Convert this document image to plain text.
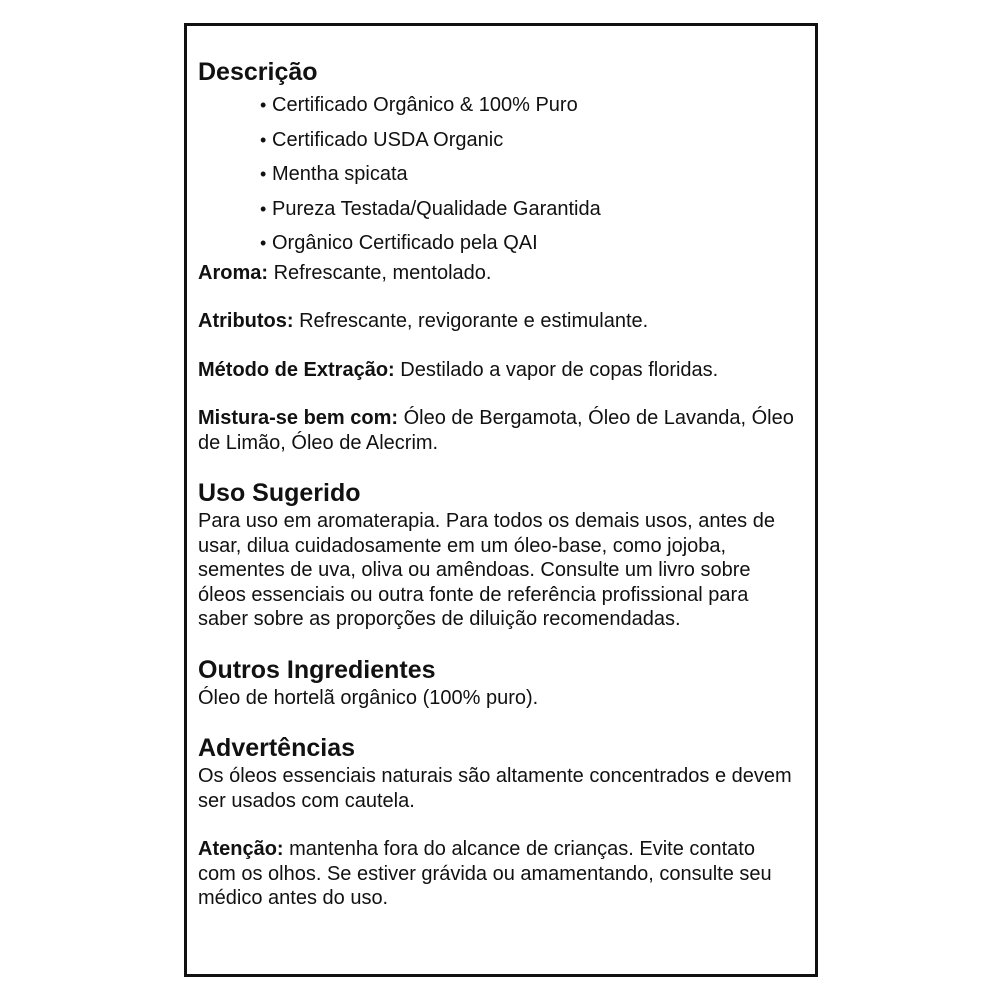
Descrição
• Certificado Orgânico & 100% Puro
• Certificado USDA Organic
• Mentha spicata
• Pureza Testada/Qualidade Garantida
• Orgânico Certificado pela QAI

Aroma: Refrescante, mentolado.

Atributos: Refrescante, revigorante e estimulante.

Método de Extração: Destilado a vapor de copas floridas.

Mistura-se bem com: Óleo de Bergamota, Óleo de Lavanda, Óleo de Limão, Óleo de Alecrim.

Uso Sugerido

Para uso em aromaterapia. Para todos os demais usos, antes de usar, dilua cuidadosamente em um óleo-base, como jojoba, sementes de uva, oliva ou amêndoas. Consulte um livro sobre óleos essenciais ou outra fonte de referência profissional para saber sobre as proporções de diluição recomendadas.

Outros Ingredientes

Óleo de hortelã orgânico (100% puro).

Advertências

Os óleos essenciais naturais são altamente concentrados e devem ser usados com cautela.

Atenção: mantenha fora do alcance de crianças. Evite contato com os olhos. Se estiver grávida ou amamentando, consulte seu médico antes do uso.
